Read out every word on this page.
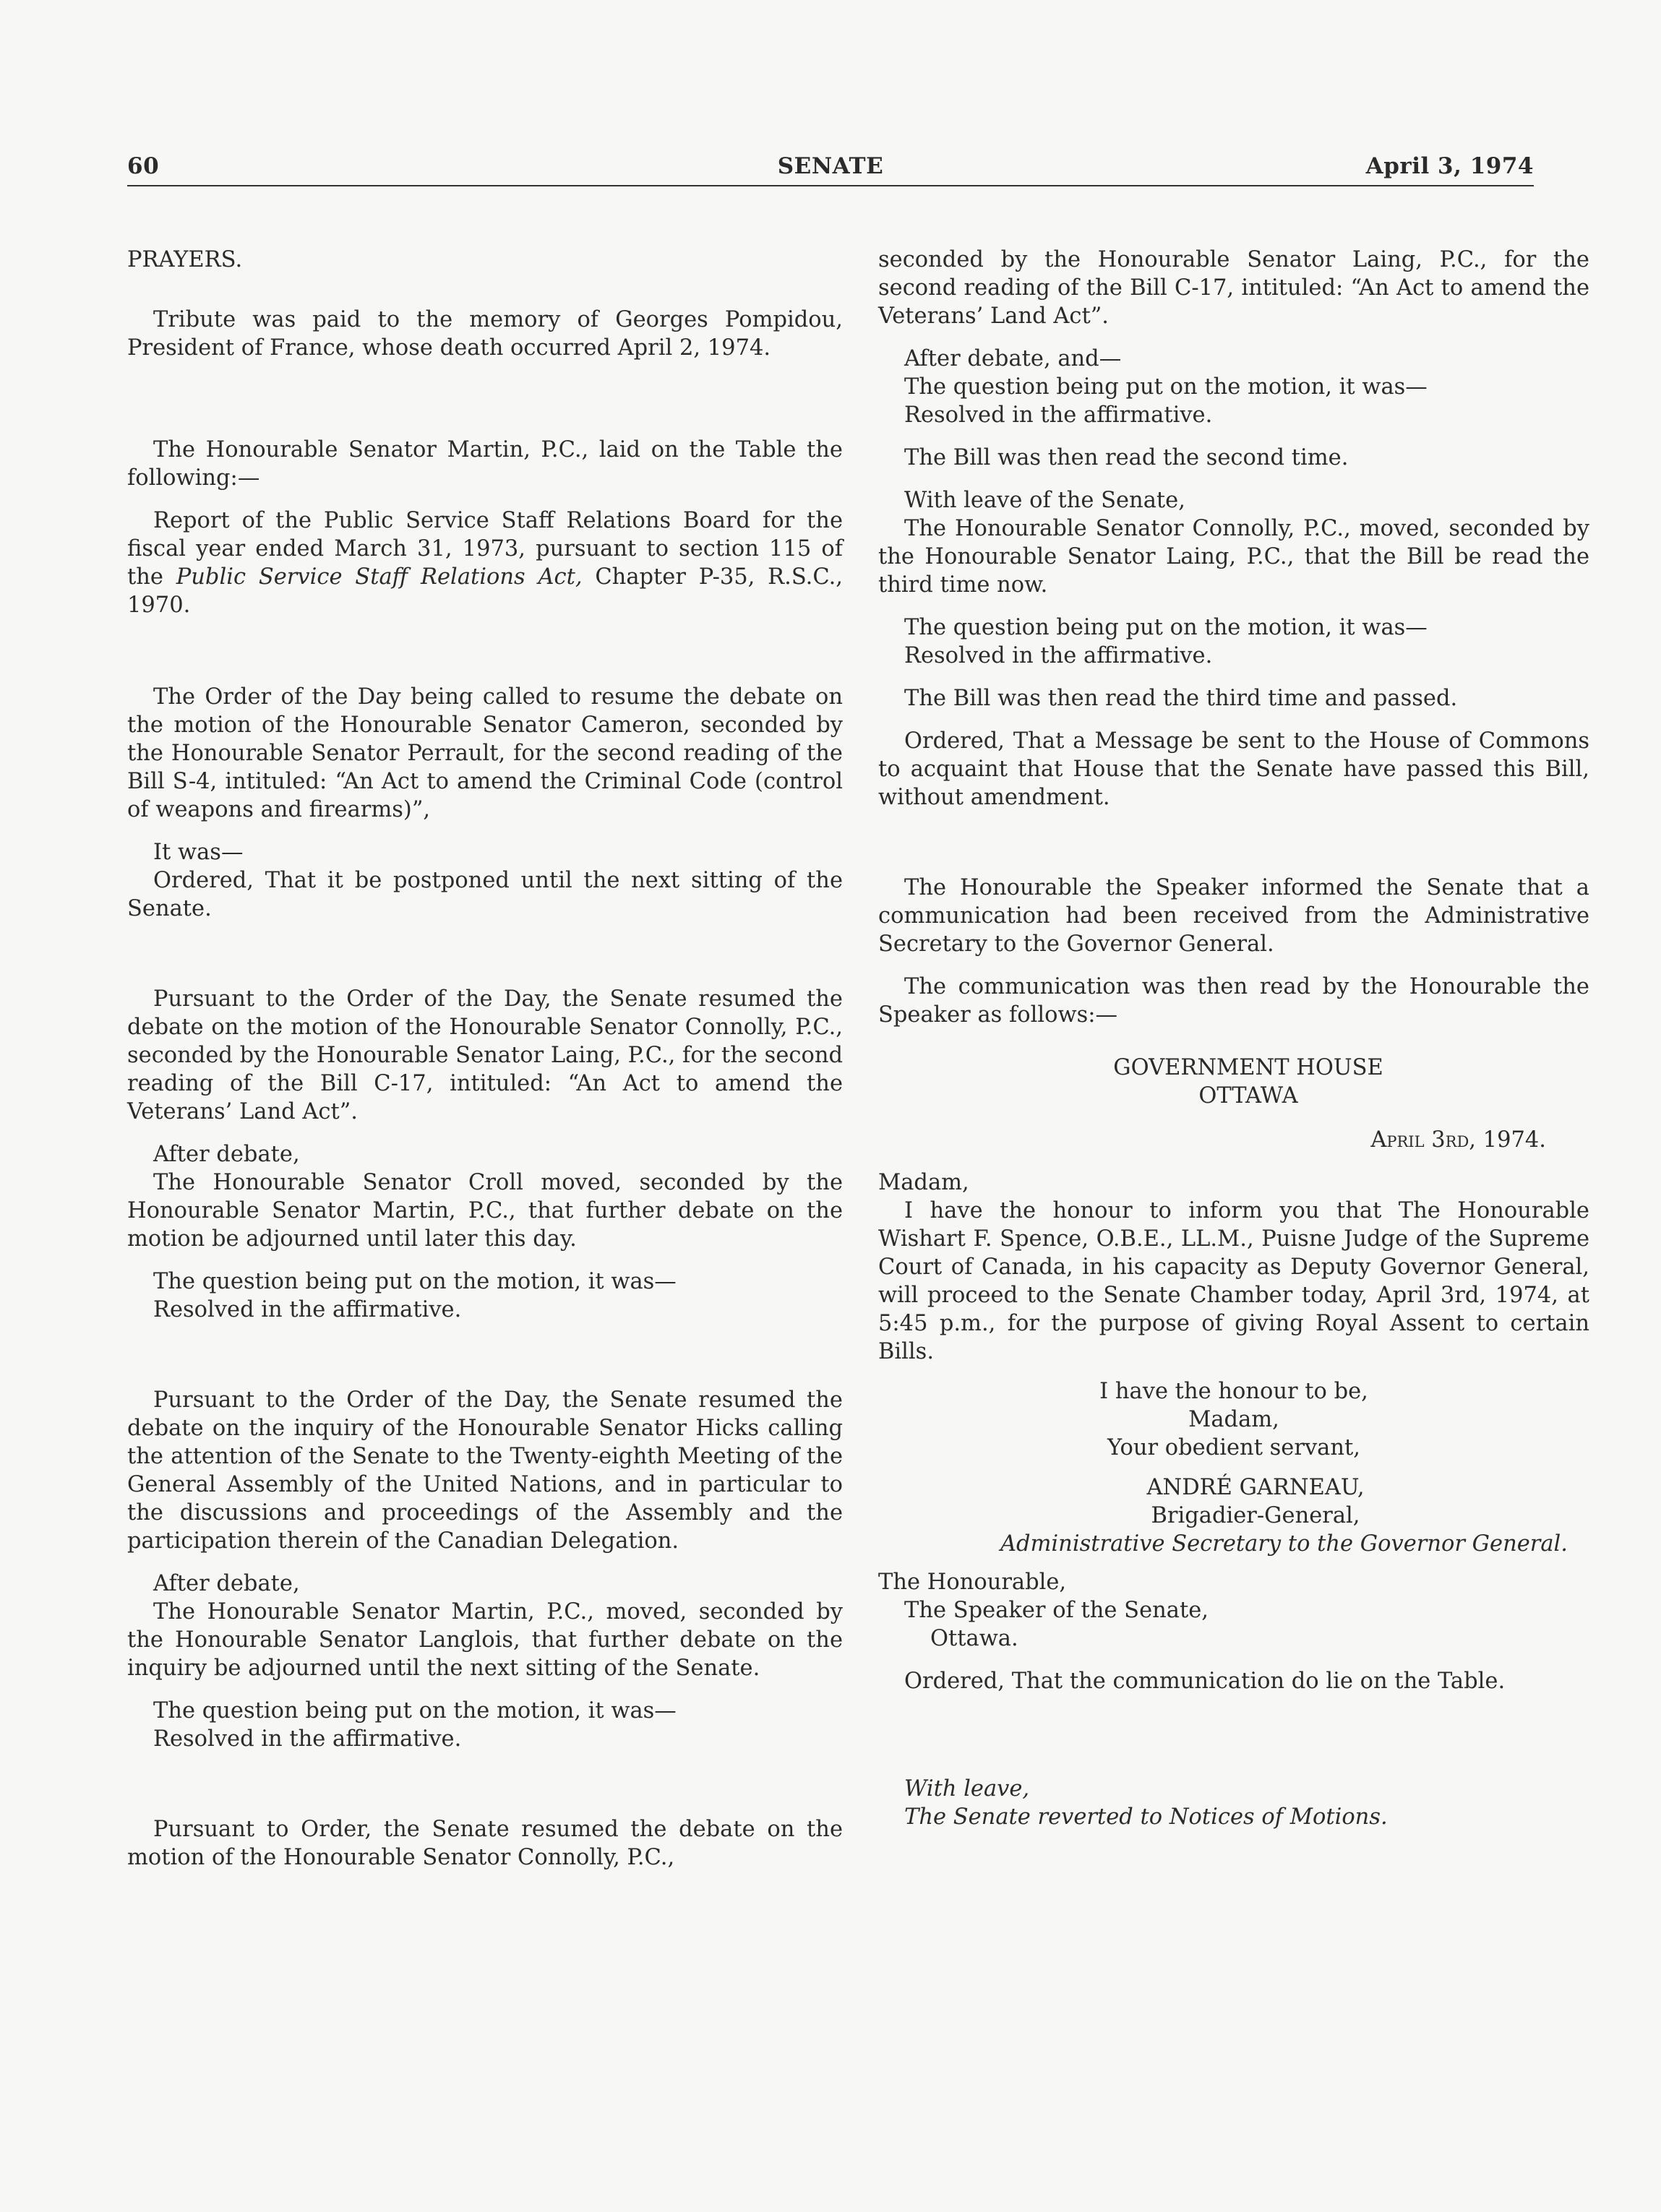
60	SENATE	April 3, 1974

PRAYERS.

Tribute was paid to the memory of Georges Pompidou, President of France, whose death occurred April 2, 1974.

The Honourable Senator Martin, P.C., laid on the Table the following:—

Report of the Public Service Staff Relations Board for the fiscal year ended March 31, 1973, pursuant to section 115 of the Public Service Staff Relations Act, Chapter P-35, R.S.C., 1970.

The Order of the Day being called to resume the debate on the motion of the Honourable Senator Cameron, seconded by the Honourable Senator Perrault, for the second reading of the Bill S-4, intituled: “An Act to amend the Criminal Code (control of weapons and firearms)”,

It was—

Ordered, That it be postponed until the next sitting of the Senate.

Pursuant to the Order of the Day, the Senate resumed the debate on the motion of the Honourable Senator Connolly, P.C., seconded by the Honourable Senator Laing, P.C., for the second reading of the Bill C-17, intituled: “An Act to amend the Veterans’ Land Act”.

After debate,

The Honourable Senator Croll moved, seconded by the Honourable Senator Martin, P.C., that further debate on the motion be adjourned until later this day.

The question being put on the motion, it was—

Resolved in the affirmative.

Pursuant to the Order of the Day, the Senate resumed the debate on the inquiry of the Honourable Senator Hicks calling the attention of the Senate to the Twenty-eighth Meeting of the General Assembly of the United Nations, and in particular to the discussions and proceedings of the Assembly and the participation therein of the Canadian Delegation.

After debate,

The Honourable Senator Martin, P.C., moved, seconded by the Honourable Senator Langlois, that further debate on the inquiry be adjourned until the next sitting of the Senate.

The question being put on the motion, it was—

Resolved in the affirmative.

Pursuant to Order, the Senate resumed the debate on the motion of the Honourable Senator Connolly, P.C.,

seconded by the Honourable Senator Laing, P.C., for the second reading of the Bill C-17, intituled: “An Act to amend the Veterans’ Land Act”.

After debate, and—

The question being put on the motion, it was—

Resolved in the affirmative.

The Bill was then read the second time.

With leave of the Senate,

The Honourable Senator Connolly, P.C., moved, seconded by the Honourable Senator Laing, P.C., that the Bill be read the third time now.

The question being put on the motion, it was—

Resolved in the affirmative.

The Bill was then read the third time and passed.

Ordered, That a Message be sent to the House of Commons to acquaint that House that the Senate have passed this Bill, without amendment.

The Honourable the Speaker informed the Senate that a communication had been received from the Administrative Secretary to the Governor General.

The communication was then read by the Honourable the Speaker as follows:—

GOVERNMENT HOUSE

OTTAWA

April 3rd, 1974.

Madam,

I have the honour to inform you that The Honourable Wishart F. Spence, O.B.E., LL.M., Puisne Judge of the Supreme Court of Canada, in his capacity as Deputy Governor General, will proceed to the Senate Chamber today, April 3rd, 1974, at 5:45 p.m., for the purpose of giving Royal Assent to certain Bills.

I have the honour to be,

Madam,

Your obedient servant,

ANDRÉ GARNEAU,

Brigadier-General,

Administrative Secretary to the Governor General.

The Honourable,

The Speaker of the Senate,

Ottawa.

Ordered, That the communication do lie on the Table.

With leave,

The Senate reverted to Notices of Motions.
